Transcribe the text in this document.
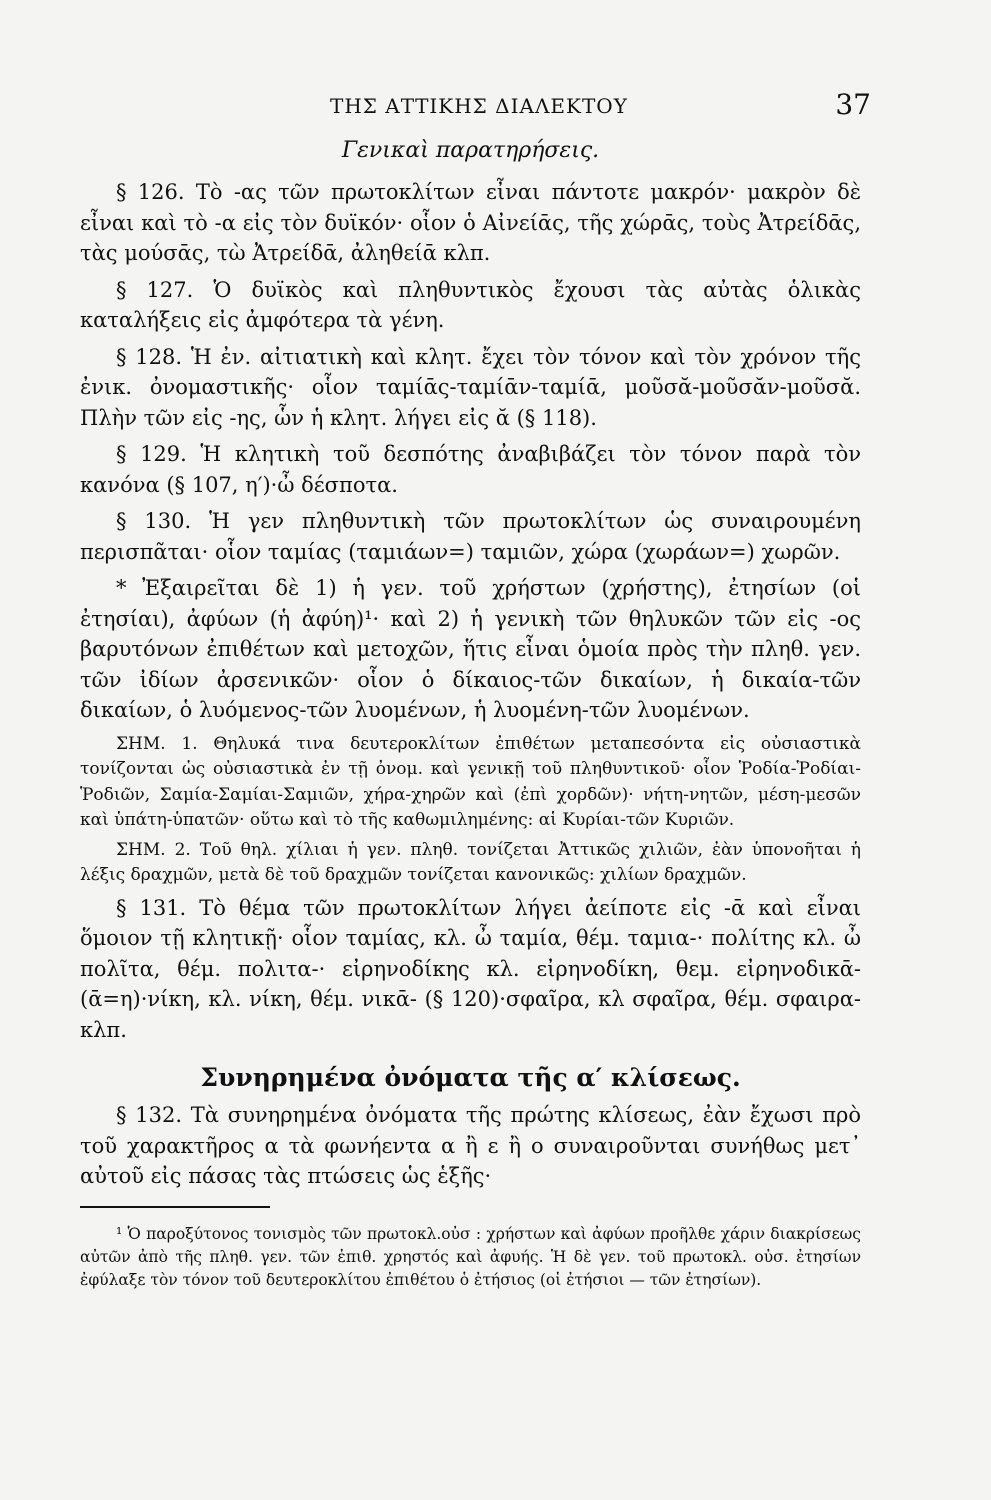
ΤΗΣ ΑΤΤΙΚΗΣ ΔΙΑΛΕΚΤΟΥ	37
Γενικαὶ παρατηρήσεις.

§ 126. Τὸ -ας τῶν πρωτοκλίτων εἶναι πάντοτε μακρόν· μακρὸν δὲ εἶναι καὶ τὸ -α εἰς τὸν δυϊκόν· οἷον ὁ Αἰνείᾱς, τῆς χώρᾱς, τοὺς Ἀτρείδᾱς, τὰς μούσᾱς, τὼ Ἀτρείδᾱ, ἀληθείᾱ κλπ.

§ 127. Ὁ δυϊκὸς καὶ πληθυντικὸς ἔχουσι τὰς αὐτὰς ὁλικὰς καταλήξεις εἰς ἀμφότερα τὰ γένη.

§ 128. Ἡ ἐν. αἰτιατικὴ καὶ κλητ. ἔχει τὸν τόνον καὶ τὸν χρόνον τῆς ἐνικ. ὀνομαστικῆς· οἷον ταμίᾱς-ταμίᾱν-ταμίᾱ, μοῦσᾰ-μοῦσᾰν-μοῦσᾰ. Πλὴν τῶν εἰς -ης, ὧν ἡ κλητ. λήγει εἰς ᾰ (§ 118).

§ 129. Ἡ κλητικὴ τοῦ δεσπότης ἀναβιβάζει τὸν τόνον παρὰ τὸν κανόνα (§ 107, η′)·ὦ δέσποτα.

§ 130. Ἡ γεν πληθυντικὴ τῶν πρωτοκλίτων ὡς συναιρουμένη περισπᾶται· οἷον ταμίας (ταμιάων=) ταμιῶν, χώρα (χωράων=) χωρῶν.

* Ἐξαιρεῖται δὲ 1) ἡ γεν. τοῦ χρήστων (χρήστης), ἐτησίων (οἱ ἐτησίαι), ἀφύων (ἡ ἀφύη)¹· καὶ 2) ἡ γενικὴ τῶν θηλυκῶν τῶν εἰς -ος βαρυτόνων ἐπιθέτων καὶ μετοχῶν, ἥτις εἶναι ὁμοία πρὸς τὴν πληθ. γεν. τῶν ἰδίων ἀρσενικῶν· οἷον ὁ δίκαιος-τῶν δικαίων, ἡ δικαία-τῶν δικαίων, ὁ λυόμενος-τῶν λυομένων, ἡ λυομένη-τῶν λυομένων.

ΣΗΜ. 1. Θηλυκά τινα δευτεροκλίτων ἐπιθέτων μεταπεσόντα εἰς οὐσιαστικὰ τονίζονται ὡς οὐσιαστικὰ ἐν τῇ ὀνομ. καὶ γενικῇ τοῦ πληθυντικοῦ· οἷον Ῥοδία-Ῥοδίαι-Ῥοδιῶν, Σαμία-Σαμίαι-Σαμιῶν, χήρα-χηρῶν καὶ (ἐπὶ χορδῶν)· νήτη-νητῶν, μέση-μεσῶν καὶ ὑπάτη-ὑπατῶν· οὕτω καὶ τὸ τῆς καθωμιλημένης: αἱ Κυρίαι-τῶν Κυριῶν.

ΣΗΜ. 2. Τοῦ θηλ. χίλιαι ἡ γεν. πληθ. τονίζεται Ἀττικῶς χιλιῶν, ἐὰν ὑπονοῆται ἡ λέξις δραχμῶν, μετὰ δὲ τοῦ δραχμῶν τονίζεται κανονικῶς: χιλίων δραχμῶν.

§ 131. Τὸ θέμα τῶν πρωτοκλίτων λήγει ἀείποτε εἰς -ᾱ καὶ εἶναι ὅμοιον τῇ κλητικῇ· οἷον ταμίας, κλ. ὦ ταμία, θέμ. ταμια-· πολίτης κλ. ὦ πολῖτα, θέμ. πολιτα-· εἰρηνοδίκης κλ. εἰρηνοδίκη, θεμ. εἰρηνοδικᾱ- (ᾱ=η)·νίκη, κλ. νίκη, θέμ. νικᾱ- (§ 120)·σφαῖρα, κλ σφαῖρα, θέμ. σφαιρα- κλπ.

Συνηρημένα ὀνόματα τῆς α′ κλίσεως.

§ 132. Τὰ συνηρημένα ὀνόματα τῆς πρώτης κλίσεως, ἐὰν ἔχωσι πρὸ τοῦ χαρακτῆρος α τὰ φωνήεντα α ἢ ε ἢ ο συναιροῦνται συνήθως μετ᾿ αὐτοῦ εἰς πάσας τὰς πτώσεις ὡς ἑξῆς·

¹ Ὁ παροξύτονος τονισμὸς τῶν πρωτοκλ.οὐσ : χρήστων καὶ ἀφύων προῆλθε χάριν διακρίσεως αὐτῶν ἀπὸ τῆς πληθ. γεν. τῶν ἐπιθ. χρηστός καὶ ἀφυής. Ἡ δὲ γεν. τοῦ πρωτοκλ. οὐσ. ἐτησίων ἐφύλαξε τὸν τόνον τοῦ δευτεροκλίτου ἐπιθέτου ὁ ἐτήσιος (οἱ ἐτήσιοι — τῶν ἐτησίων).
